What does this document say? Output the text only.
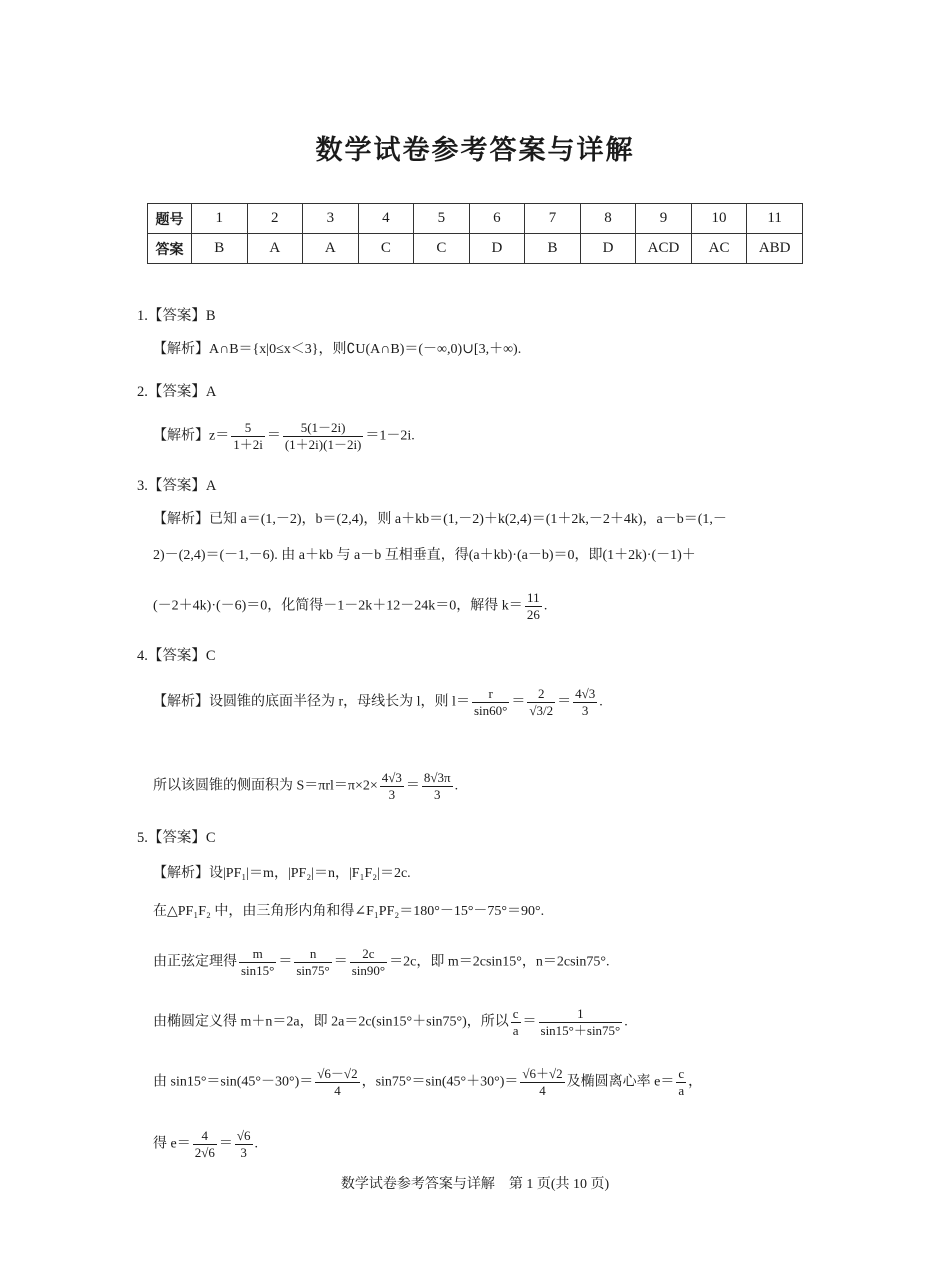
数学试卷参考答案与详解
题号	1	2	3	4	5	6	7	8	9	10	11
答案	B	A	A	C	C	D	B	D	ACD	AC	ABD
1.【答案】B
【解析】A∩B＝{x|0≤x＜3}，则∁U(A∩B)＝(－∞,0)∪[3,＋∞).
2.【答案】A
【解析】$z= \frac{5}{1+2i} = \frac{5(1-2i)}{(1+2i)(1-2i)} =1-2i$.
3.【答案】A
【解析】已知 a＝(1,－2)，b＝(2,4)，则 a＋kb＝(1,－2)＋k(2,4)＝(1＋2k,－2＋4k)，a－b＝(1,－
2)－(2,4)＝(－1,－6). 由 a＋kb 与 a－b 互相垂直，得(a＋kb)·(a－b)＝0，即(1＋2k)·(－1)＋
(－2＋4k)·(－6)＝0，化简得－1－2k＋12－24k＝0，解得 $k= \frac{11}{26}$ .
4.【答案】C
【解析】设圆锥的底面半径为 r，母线长为 l，则 $l= \frac{r}{\sin 60^\circ} = \frac{2}{√3/2} = \frac{4√3}{3}$ .
所以该圆锥的侧面积为 $S=\pi rl=\pi\times 2\times \frac{4√3}{3} = \frac{8√3\pi}{3}$ .
5.【答案】C
【解析】设|PF₁|＝m，|PF₂|＝n，|F₁F₂|＝2c.
在△PF₁F₂ 中，由三角形内角和得∠F₁PF₂＝180°－15°－75°＝90°.
由正弦定理得 $\frac{m}{\sin 15^\circ} = \frac{n}{\sin 75^\circ} = \frac{2c}{\sin 90^\circ} =2c$，即 m＝2csin15°，n＝2csin75°.
由椭圆定义得 m＋n＝2a，即 2a＝2c(sin15°＋sin75°)，所以 $\frac{c}{a} = \frac{1}{\sin 15^\circ+\sin 75^\circ}$ .
由 $\sin 15^\circ=\sin(45^\circ-30^\circ)= \frac{√6-√2}{4}$ ，$\sin 75^\circ=\sin(45^\circ+30^\circ)= \frac{√6+√2}{4}$ 及椭圆离心率 $e= \frac{c}{a}$ ，
得 $e= \frac{4}{2√6} = \frac{√6}{3}$ .
数学试卷参考答案与详解　第 1 页(共 10 页)
